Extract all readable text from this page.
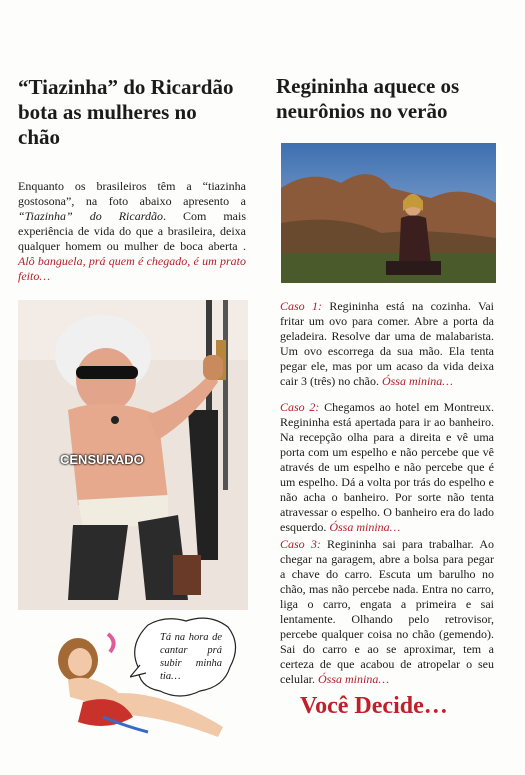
“Tiazinha” do Ricardão bota as mulheres no chão
Enquanto os brasileiros têm a “tiazinha gostosona”, na foto abaixo apresento a “Tiazinha” do Ricardão. Com mais experiência de vida do que a brasileira, deixa qualquer homem ou mulher de boca aberta . Alô banguela, prá quem é chegado, é um prato feito…
CENSURADO
Tá na hora de cantar prá subir minha tia…
Regininha aquece os neurônios no verão
Caso 1: Regininha está na cozinha. Vai fritar um ovo para comer. Abre a porta da geladeira. Resolve dar uma de malabarista. Um ovo escorrega da sua mão. Ela tenta pegar ele, mas por um acaso da vida deixa cair 3 (três) no chão. Óssa minina…
Caso 2: Chegamos ao hotel em Montreux. Regininha está apertada para ir ao banheiro. Na recepção olha para a direita e vê uma porta com um espelho e não percebe que vê através de um espelho e não percebe que é um espelho. Dá a volta por trás do espelho e não acha o banheiro. Por sorte não tenta atravessar o espelho. O banheiro era do lado esquerdo. Óssa minina…
Caso 3: Regininha sai para trabalhar. Ao chegar na garagem, abre a bolsa para pegar a chave do carro. Escuta um barulho no chão, mas não percebe nada. Entra no carro, liga o carro, engata a primeira e sai lentamente. Olhando pelo retrovisor, percebe qualquer coisa no chão (gemendo). Sai do carro e ao se aproximar, tem a certeza de que acabou de atropelar o seu celular. Óssa minina…
Você Decide…
